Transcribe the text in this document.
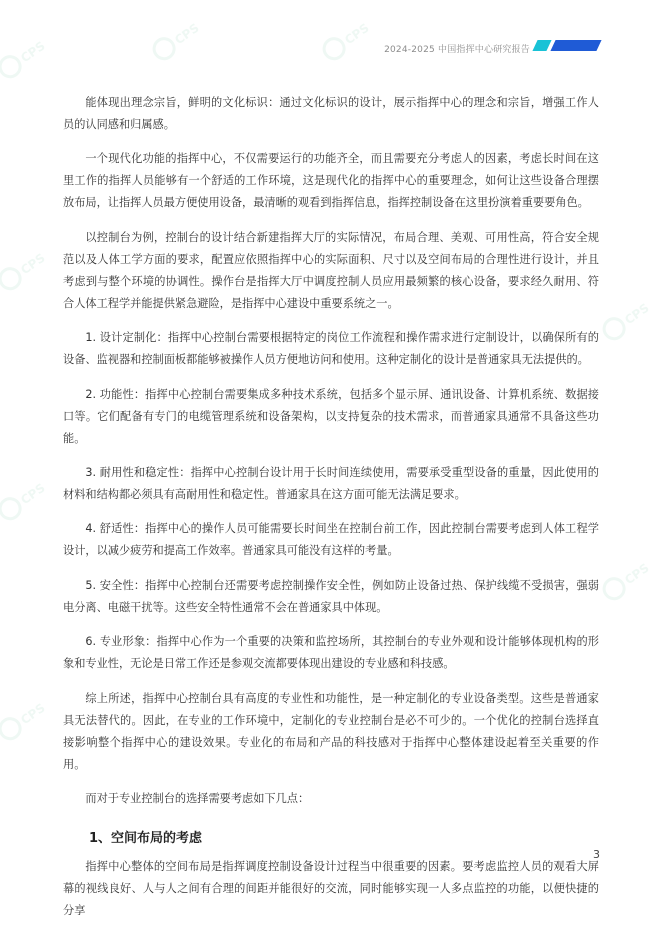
CPS
CPS	CPS
CPS
CPS
CPS
CPS
CPS
2024-2025 中国指挥中心研究报告

能体现出理念宗旨，鲜明的文化标识：通过文化标识的设计，展示指挥中心的理念和宗旨，增强工作人员的认同感和归属感。

一个现代化功能的指挥中心，不仅需要运行的功能齐全，而且需要充分考虑人的因素，考虑长时间在这里工作的指挥人员能够有一个舒适的工作环境，这是现代化的指挥中心的重要理念，如何让这些设备合理摆放布局，让指挥人员最方便使用设备，最清晰的观看到指挥信息，指挥控制设备在这里扮演着重要要角色。

以控制台为例，控制台的设计结合新建指挥大厅的实际情况，布局合理、美观、可用性高，符合安全规范以及人体工学方面的要求，配置应依照指挥中心的实际面积、尺寸以及空间布局的合理性进行设计，并且考虑到与整个环境的协调性。操作台是指挥大厅中调度控制人员应用最频繁的核心设备，要求经久耐用、符合人体工程学并能提供紧急避险，是指挥中心建设中重要系统之一。

1. 设计定制化：指挥中心控制台需要根据特定的岗位工作流程和操作需求进行定制设计，以确保所有的设备、监视器和控制面板都能够被操作人员方便地访问和使用。这种定制化的设计是普通家具无法提供的。

2. 功能性：指挥中心控制台需要集成多种技术系统，包括多个显示屏、通讯设备、计算机系统、数据接口等。它们配备有专门的电缆管理系统和设备架构，以支持复杂的技术需求，而普通家具通常不具备这些功能。

3. 耐用性和稳定性：指挥中心控制台设计用于长时间连续使用，需要承受重型设备的重量，因此使用的材料和结构都必须具有高耐用性和稳定性。普通家具在这方面可能无法满足要求。

4. 舒适性：指挥中心的操作人员可能需要长时间坐在控制台前工作，因此控制台需要考虑到人体工程学设计，以减少疲劳和提高工作效率。普通家具可能没有这样的考量。

5. 安全性：指挥中心控制台还需要考虑控制操作安全性，例如防止设备过热、保护线缆不受损害，强弱电分离、电磁干扰等。这些安全特性通常不会在普通家具中体现。

6. 专业形象：指挥中心作为一个重要的决策和监控场所，其控制台的专业外观和设计能够体现机构的形象和专业性，无论是日常工作还是参观交流都要体现出建设的专业感和科技感。

综上所述，指挥中心控制台具有高度的专业性和功能性，是一种定制化的专业设备类型。这些是普通家具无法替代的。因此，在专业的工作环境中，定制化的专业控制台是必不可少的。一个优化的控制台选择直接影响整个指挥中心的建设效果。专业化的布局和产品的科技感对于指挥中心整体建设起着至关重要的作用。

而对于专业控制台的选择需要考虑如下几点：

1、空间布局的考虑

指挥中心整体的空间布局是指挥调度控制设备设计过程当中很重要的因素。要考虑监控人员的观看大屏幕的视线良好、人与人之间有合理的间距并能很好的交流，同时能够实现一人多点监控的功能，以便快捷的分享

3
